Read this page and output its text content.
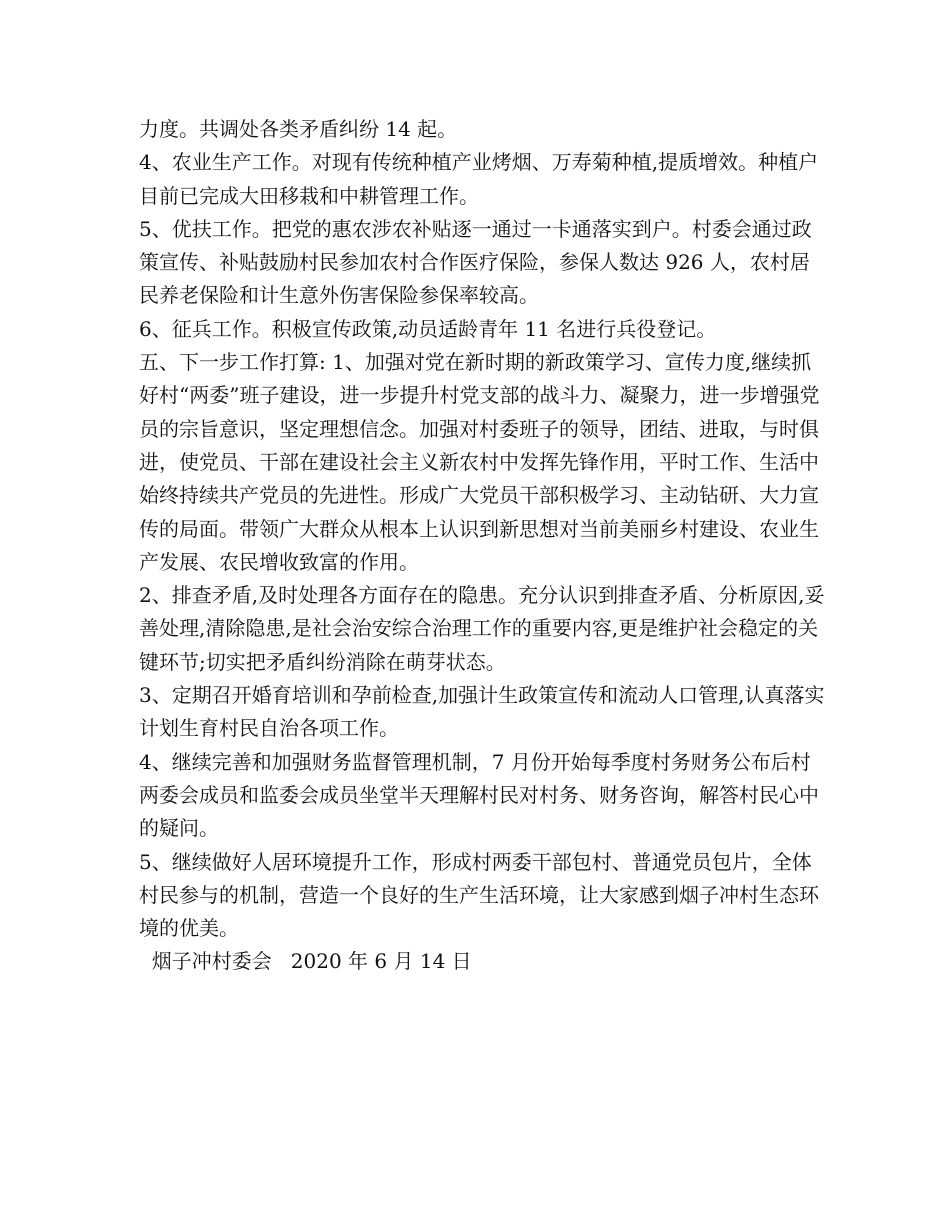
力度。共调处各类矛盾纠纷 14 起。

4、农业生产工作。对现有传统种植产业烤烟、万寿菊种植,提质增效。种植户目前已完成大田移栽和中耕管理工作。

5、优扶工作。把党的惠农涉农补贴逐一通过一卡通落实到户。村委会通过政策宣传、补贴鼓励村民参加农村合作医疗保险，参保人数达 926 人，农村居民养老保险和计生意外伤害保险参保率较高。

6、征兵工作。积极宣传政策,动员适龄青年 11 名进行兵役登记。

五、下一步工作打算: 1、加强对党在新时期的新政策学习、宣传力度,继续抓好村“两委”班子建设，进一步提升村党支部的战斗力、凝聚力，进一步增强党员的宗旨意识，坚定理想信念。加强对村委班子的领导，团结、进取，与时俱进，使党员、干部在建设社会主义新农村中发挥先锋作用，平时工作、生活中始终持续共产党员的先进性。形成广大党员干部积极学习、主动钻研、大力宣传的局面。带领广大群众从根本上认识到新思想对当前美丽乡村建设、农业生产发展、农民增收致富的作用。

2、排查矛盾,及时处理各方面存在的隐患。充分认识到排查矛盾、分析原因,妥善处理,清除隐患,是社会治安综合治理工作的重要内容,更是维护社会稳定的关键环节;切实把矛盾纠纷消除在萌芽状态。

3、定期召开婚育培训和孕前检查,加强计生政策宣传和流动人口管理,认真落实计划生育村民自治各项工作。

4、继续完善和加强财务监督管理机制，7 月份开始每季度村务财务公布后村两委会成员和监委会成员坐堂半天理解村民对村务、财务咨询，解答村民心中的疑问。

5、继续做好人居环境提升工作，形成村两委干部包村、普通党员包片，全体村民参与的机制，营造一个良好的生产生活环境，让大家感到烟子冲村生态环境的优美。

烟子冲村委会   2020 年 6 月 14 日
